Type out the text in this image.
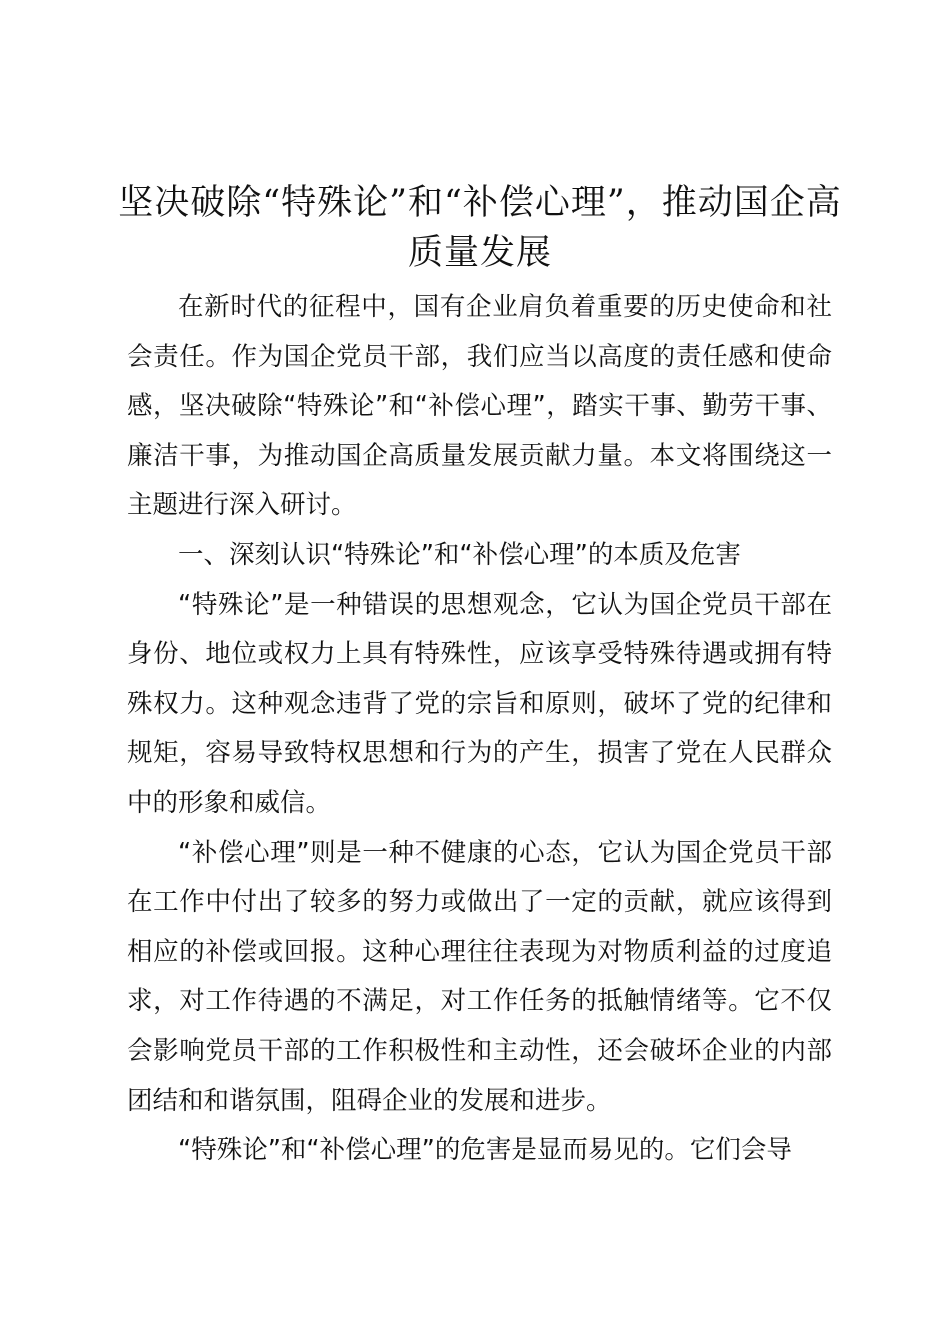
坚决破除“特殊论”和“补偿心理”，推动国企高质量发展

在新时代的征程中，国有企业肩负着重要的历史使命和社会责任。作为国企党员干部，我们应当以高度的责任感和使命感，坚决破除“特殊论”和“补偿心理”，踏实干事、勤劳干事、廉洁干事，为推动国企高质量发展贡献力量。本文将围绕这一主题进行深入研讨。

一、深刻认识“特殊论”和“补偿心理”的本质及危害

“特殊论”是一种错误的思想观念，它认为国企党员干部在身份、地位或权力上具有特殊性，应该享受特殊待遇或拥有特殊权力。这种观念违背了党的宗旨和原则，破坏了党的纪律和规矩，容易导致特权思想和行为的产生，损害了党在人民群众中的形象和威信。

“补偿心理”则是一种不健康的心态，它认为国企党员干部在工作中付出了较多的努力或做出了一定的贡献，就应该得到相应的补偿或回报。这种心理往往表现为对物质利益的过度追求，对工作待遇的不满足，对工作任务的抵触情绪等。它不仅会影响党员干部的工作积极性和主动性，还会破坏企业的内部团结和和谐氛围，阻碍企业的发展和进步。

“特殊论”和“补偿心理”的危害是显而易见的。它们会导
